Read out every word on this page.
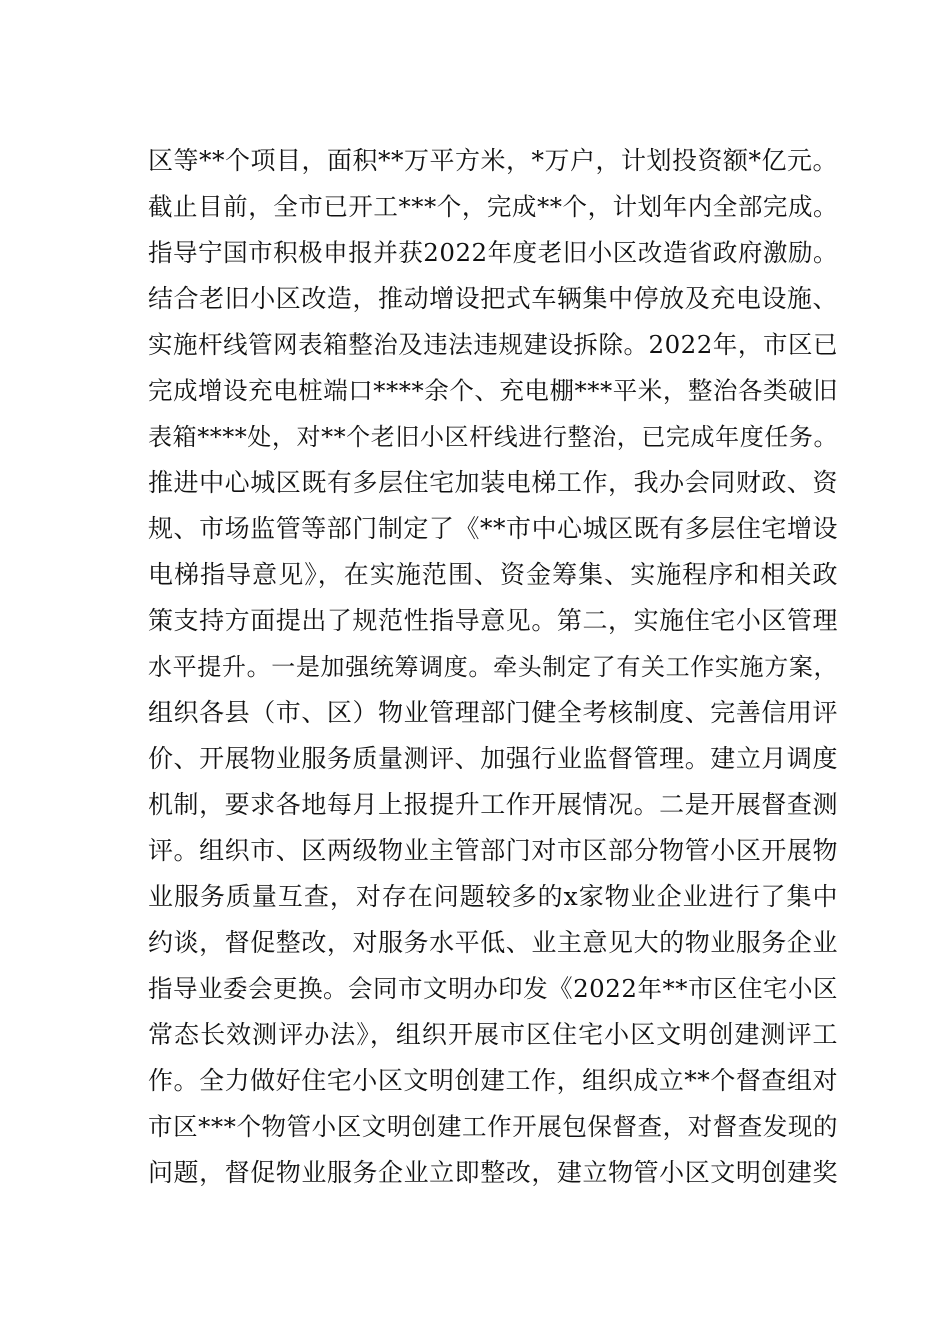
区等**个项目，面积**万平方米，*万户，计划投资额*亿元。
截止目前，全市已开工***个，完成**个，计划年内全部完成。
指导宁国市积极申报并获2022年度老旧小区改造省政府激励。
结合老旧小区改造，推动增设把式车辆集中停放及充电设施、
实施杆线管网表箱整治及违法违规建设拆除。2022年，市区已
完成增设充电桩端口****余个、充电棚***平米，整治各类破旧
表箱****处，对**个老旧小区杆线进行整治，已完成年度任务。
推进中心城区既有多层住宅加装电梯工作，我办会同财政、资
规、市场监管等部门制定了《**市中心城区既有多层住宅增设
电梯指导意见》，在实施范围、资金筹集、实施程序和相关政
策支持方面提出了规范性指导意见。第二，实施住宅小区管理
水平提升。一是加强统筹调度。牵头制定了有关工作实施方案，
组织各县（市、区）物业管理部门健全考核制度、完善信用评
价、开展物业服务质量测评、加强行业监督管理。建立月调度
机制，要求各地每月上报提升工作开展情况。二是开展督查测
评。组织市、区两级物业主管部门对市区部分物管小区开展物
业服务质量互查，对存在问题较多的x家物业企业进行了集中
约谈，督促整改，对服务水平低、业主意见大的物业服务企业
指导业委会更换。会同市文明办印发《2022年**市区住宅小区
常态长效测评办法》，组织开展市区住宅小区文明创建测评工
作。全力做好住宅小区文明创建工作，组织成立**个督查组对
市区***个物管小区文明创建工作开展包保督查，对督查发现的
问题，督促物业服务企业立即整改，建立物管小区文明创建奖
